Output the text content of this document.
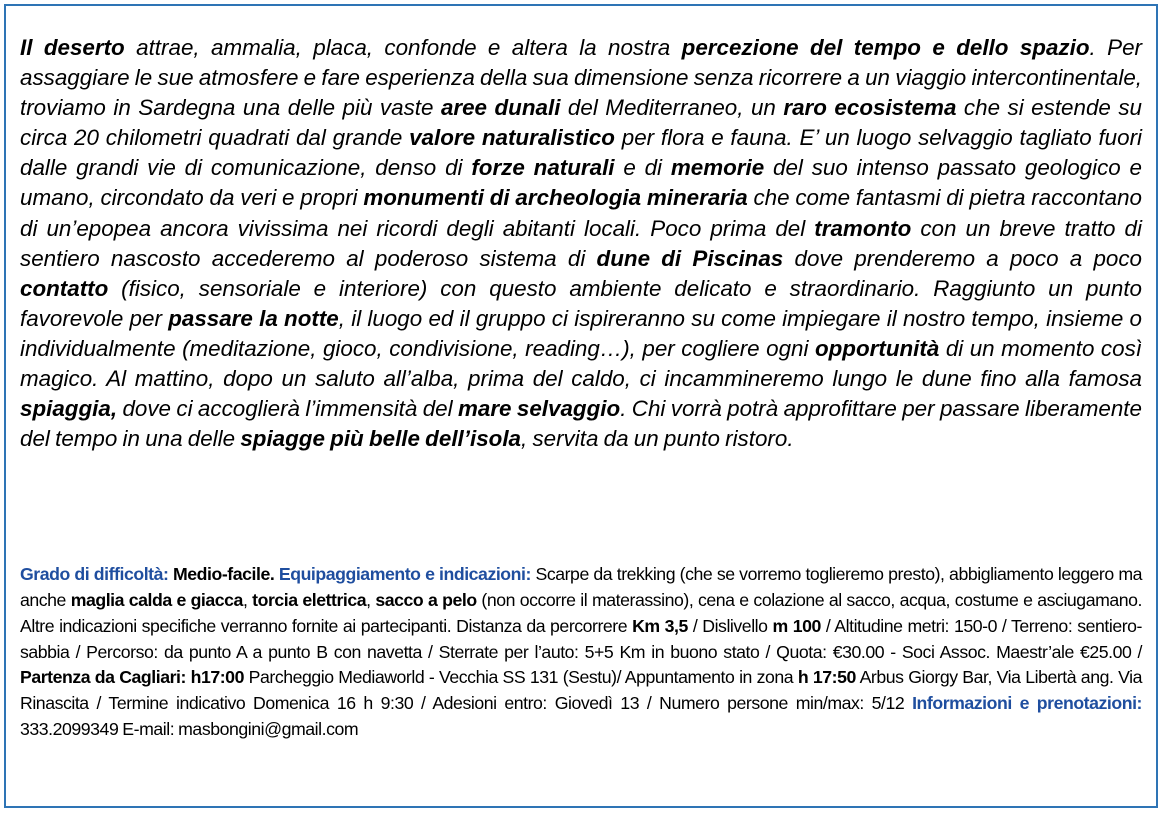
Il deserto attrae, ammalia, placa, confonde e altera la nostra percezione del tempo e dello spazio. Per assaggiare le sue atmosfere e fare esperienza della sua dimensione senza ricorrere a un viaggio intercontinentale, troviamo in Sardegna una delle più vaste aree dunali del Mediterraneo, un raro ecosistema che si estende su circa 20 chilometri quadrati dal grande valore naturalistico per flora e fauna. E’ un luogo selvaggio tagliato fuori dalle grandi vie di comunicazione, denso di forze naturali e di memorie del suo intenso passato geologico e umano, circondato da veri e propri monumenti di archeologia mineraria che come fantasmi di pietra raccontano di un’epopea ancora vivissima nei ricordi degli abitanti locali. Poco prima del tramonto con un breve tratto di sentiero nascosto accederemo al poderoso sistema di dune di Piscinas dove prenderemo a poco a poco contatto (fisico, sensoriale e interiore) con questo ambiente delicato e straordinario. Raggiunto un punto favorevole per passare la notte, il luogo ed il gruppo ci ispireranno su come impiegare il nostro tempo, insieme o individualmente (meditazione, gioco, condivisione, reading…), per cogliere ogni opportunità di un momento così magico. Al mattino, dopo un saluto all’alba, prima del caldo, ci incammineremo lungo le dune fino alla famosa spiaggia, dove ci accoglierà l’immensità del mare selvaggio. Chi vorrà potrà approfittare per passare liberamente del tempo in una delle spiagge più belle dell’isola, servita da un punto ristoro.

Grado di difficoltà: Medio-facile. Equipaggiamento e indicazioni: Scarpe da trekking (che se vorremo toglieremo presto), abbigliamento leggero ma anche maglia calda e giacca, torcia elettrica, sacco a pelo (non occorre il materassino), cena e colazione al sacco, acqua, costume e asciugamano. Altre indicazioni specifiche verranno fornite ai partecipanti. Distanza da percorrere Km 3,5 / Dislivello m 100 / Altitudine metri: 150-0 / Terreno: sentiero-sabbia / Percorso: da punto A a punto B con navetta / Sterrate per l’auto: 5+5 Km in buono stato / Quota: €30.00 - Soci Assoc. Maestr’ale €25.00 / Partenza da Cagliari: h17:00 Parcheggio Mediaworld - Vecchia SS 131 (Sestu)/ Appuntamento in zona h 17:50 Arbus Giorgy Bar, Via Libertà ang. Via Rinascita / Termine indicativo Domenica 16 h 9:30 / Adesioni entro: Giovedì 13 / Numero persone min/max: 5/12 Informazioni e prenotazioni: 333.2099349 E-mail: masbongini@gmail.com
